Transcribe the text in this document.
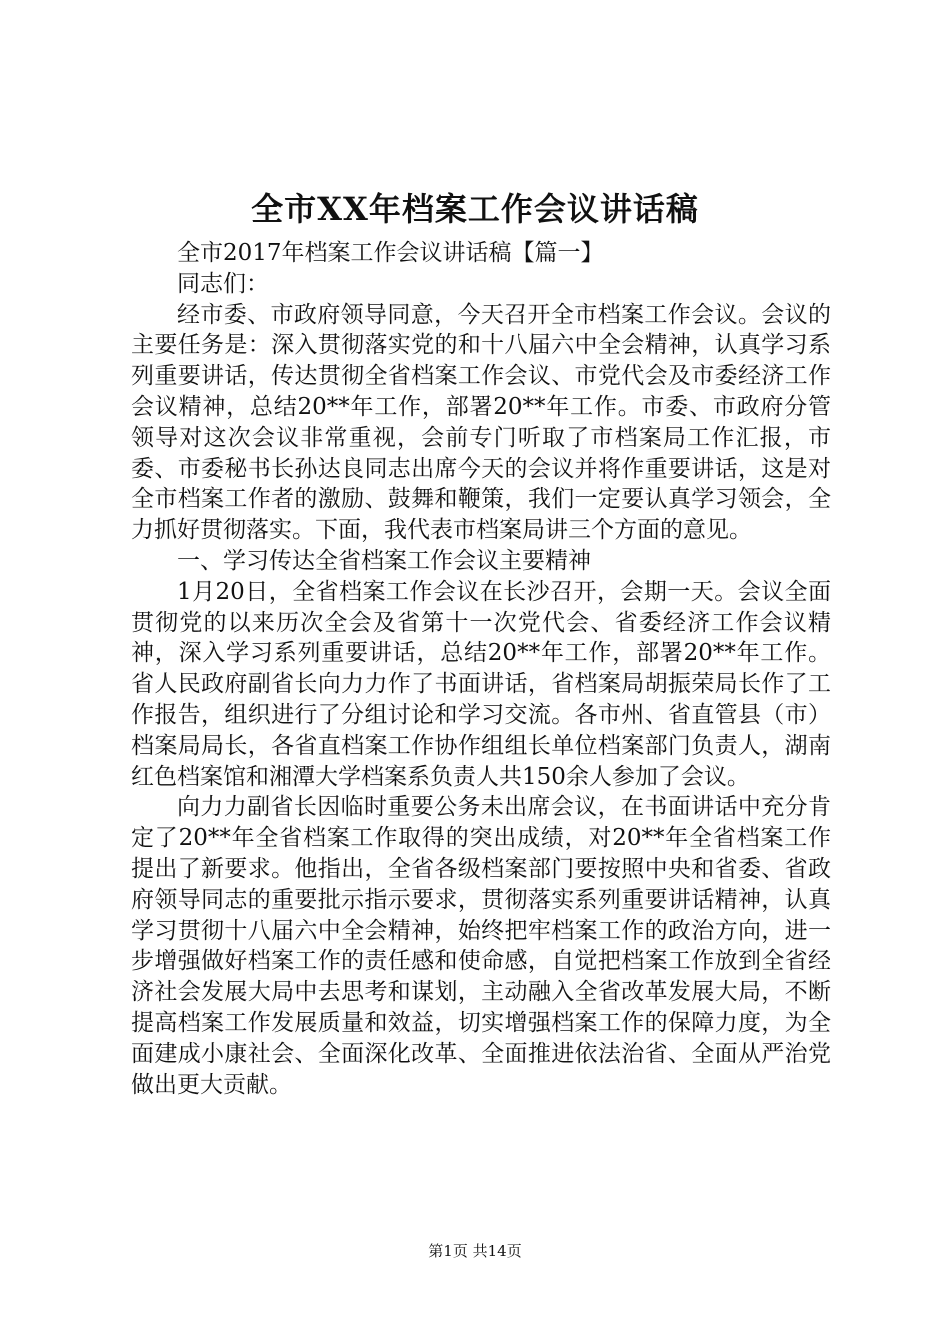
全市XX年档案工作会议讲话稿

全市2017年档案工作会议讲话稿【篇一】

同志们：

经市委、市政府领导同意，今天召开全市档案工作会议。会议的主要任务是：深入贯彻落实党的和十八届六中全会精神，认真学习系列重要讲话，传达贯彻全省档案工作会议、市党代会及市委经济工作会议精神，总结20**年工作，部署20**年工作。市委、市政府分管领导对这次会议非常重视，会前专门听取了市档案局工作汇报，市委、市委秘书长孙达良同志出席今天的会议并将作重要讲话，这是对全市档案工作者的激励、鼓舞和鞭策，我们一定要认真学习领会，全力抓好贯彻落实。下面，我代表市档案局讲三个方面的意见。

一、学习传达全省档案工作会议主要精神

1月20日，全省档案工作会议在长沙召开，会期一天。会议全面贯彻党的以来历次全会及省第十一次党代会、省委经济工作会议精神，深入学习系列重要讲话，总结20**年工作，部署20**年工作。省人民政府副省长向力力作了书面讲话，省档案局胡振荣局长作了工作报告，组织进行了分组讨论和学习交流。各市州、省直管县（市）档案局局长，各省直档案工作协作组组长单位档案部门负责人，湖南红色档案馆和湘潭大学档案系负责人共150余人参加了会议。

向力力副省长因临时重要公务未出席会议，在书面讲话中充分肯定了20**年全省档案工作取得的突出成绩，对20**年全省档案工作提出了新要求。他指出，全省各级档案部门要按照中央和省委、省政府领导同志的重要批示指示要求，贯彻落实系列重要讲话精神，认真学习贯彻十八届六中全会精神，始终把牢档案工作的政治方向，进一步增强做好档案工作的责任感和使命感，自觉把档案工作放到全省经济社会发展大局中去思考和谋划，主动融入全省改革发展大局，不断提高档案工作发展质量和效益，切实增强档案工作的保障力度，为全面建成小康社会、全面深化改革、全面推进依法治省、全面从严治党做出更大贡献。

第1页 共14页
